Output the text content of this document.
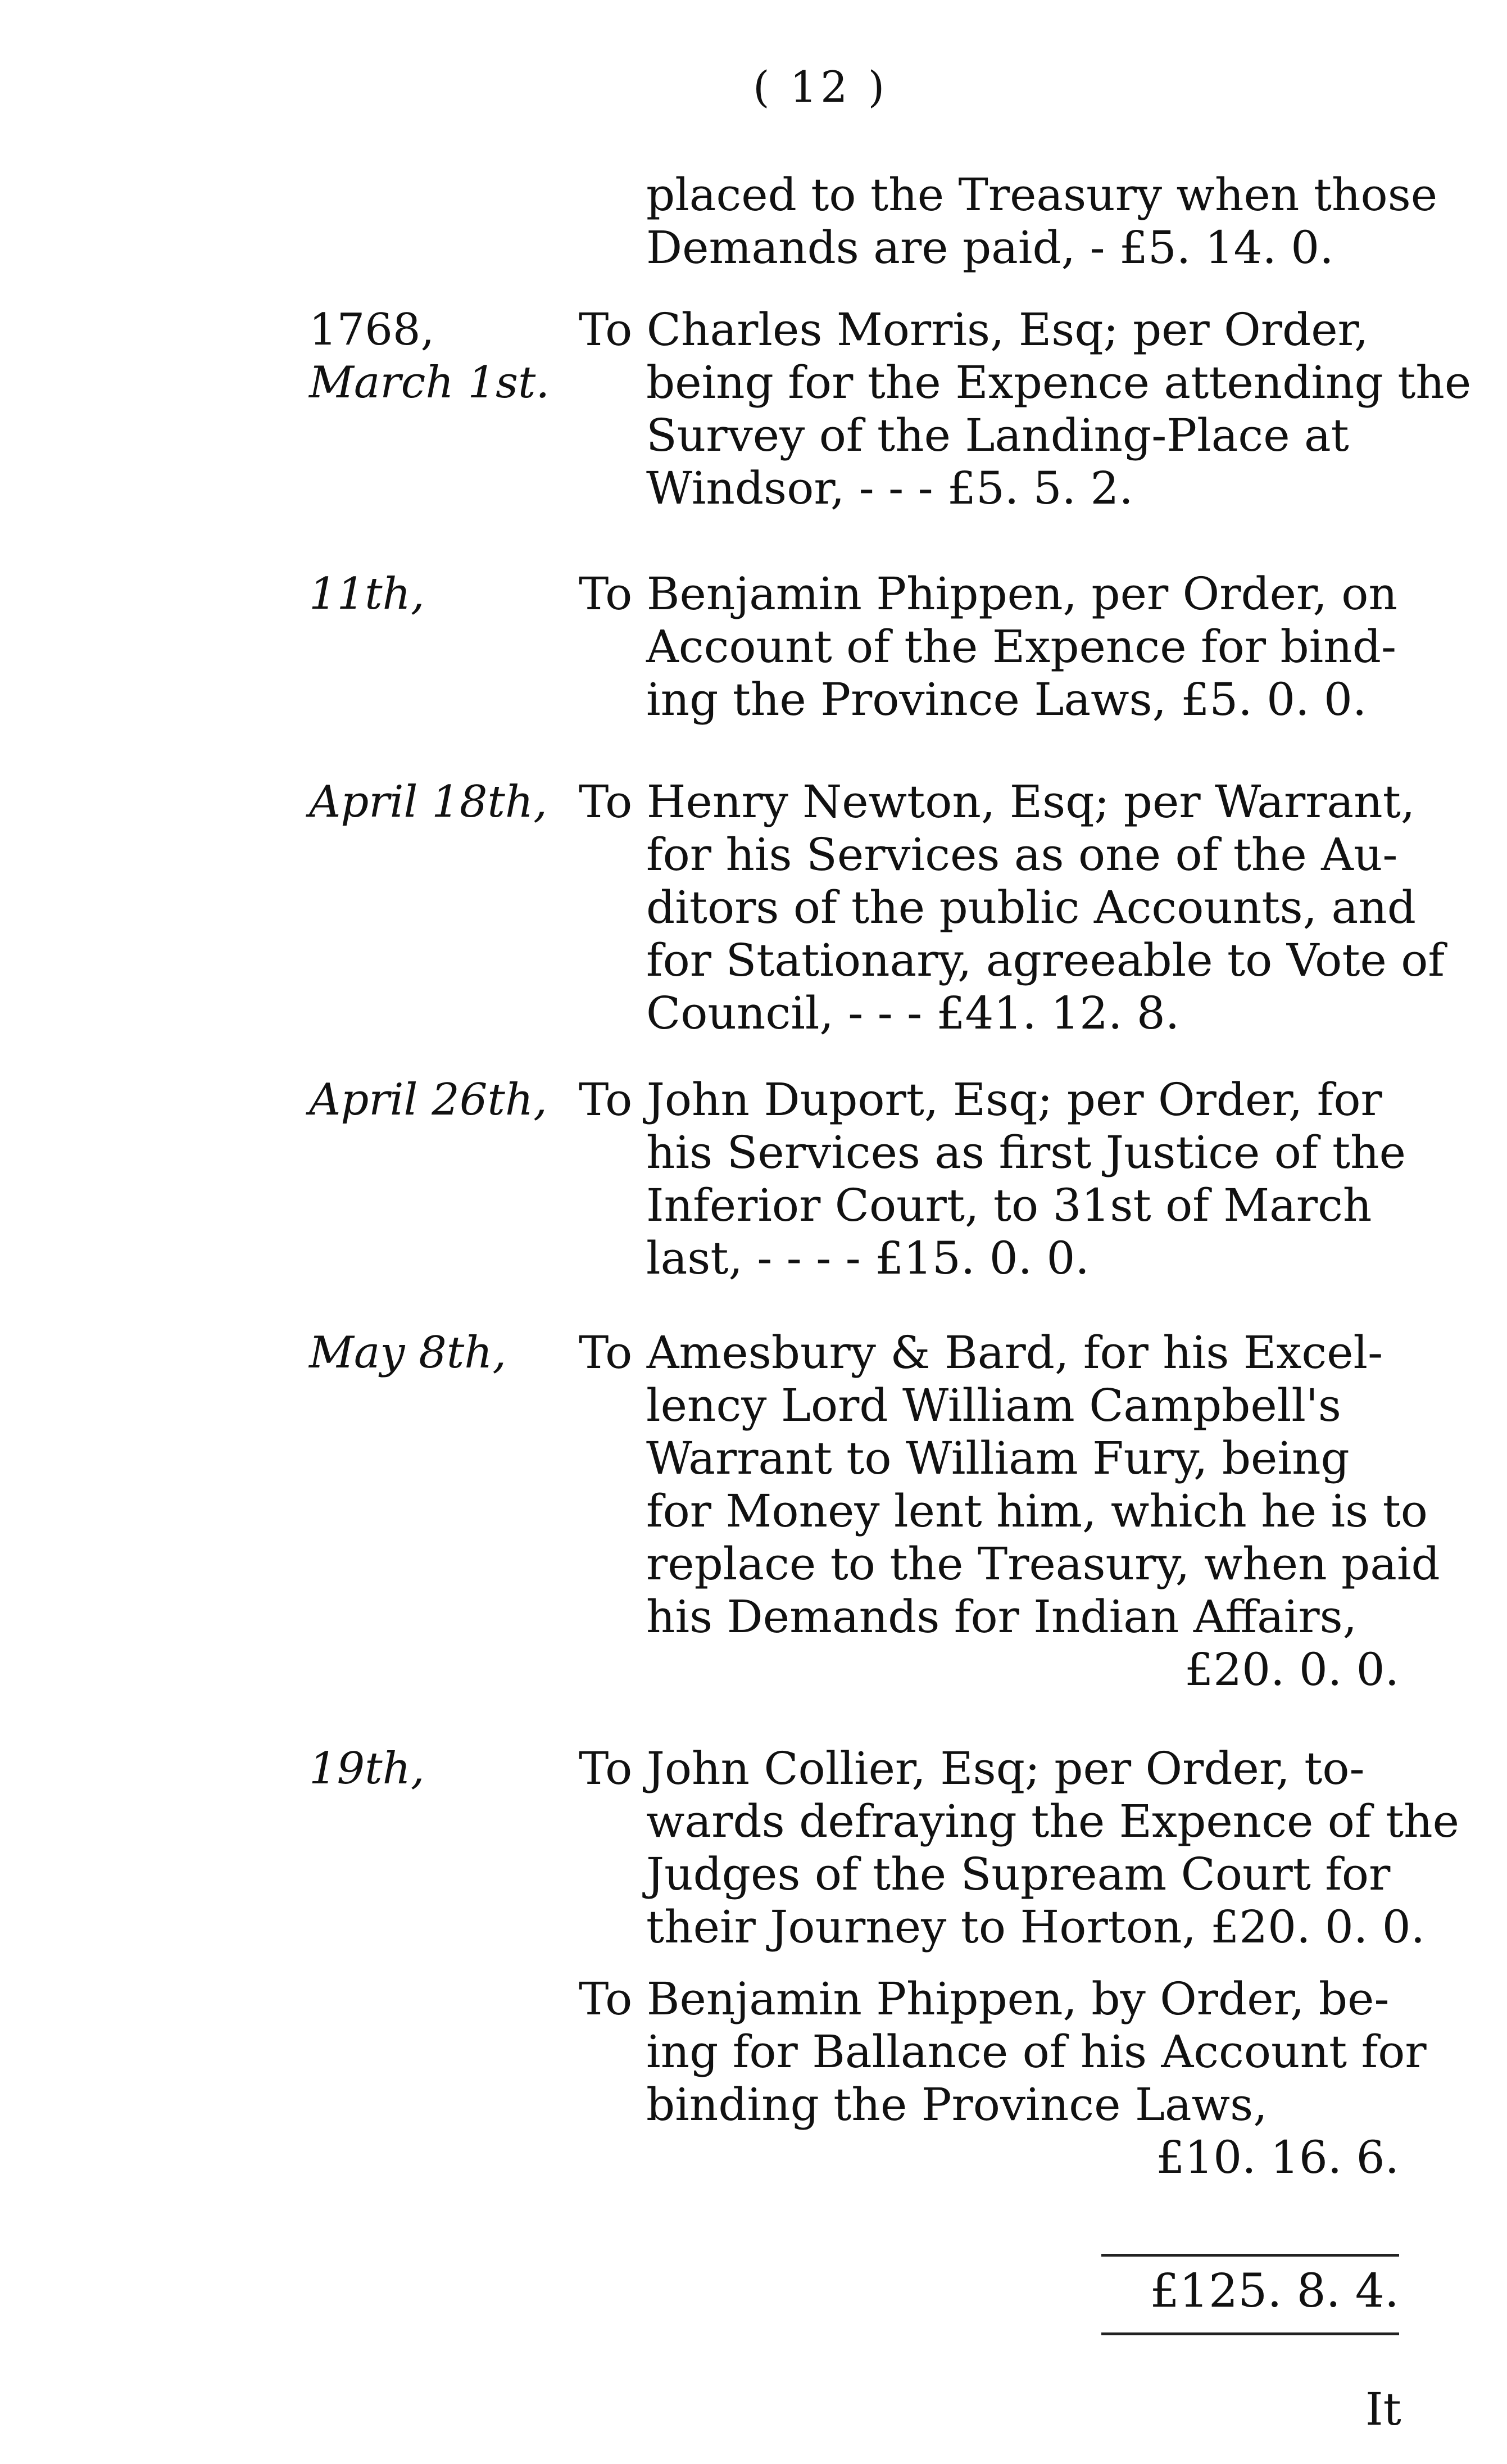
( 12 )
placed to the Treasury when those
Demands are paid, - £5. 14. 0.
1768,
March 1st.
To Charles Morris, Esq; per Order,
being for the Expence attending the
Survey of the Landing-Place at
Windsor, - - - £5. 5. 2.
11th,	To Benjamin Phippen, per Order, on
Account of the Expence for bind-
ing the Province Laws, £5. 0. 0.
April 18th, To Henry Newton, Esq; per Warrant,
for his Services as one of the Au-
ditors of the public Accounts, and
for Stationary, agreeable to Vote of
Council, - - - £41. 12. 8.
April 26th, To John Duport, Esq; per Order, for
his Services as first Justice of the
Inferior Court, to 31st of March
last, - - - - £15. 0. 0.
May 8th, To Amesbury & Bard, for his Excel-
lency Lord William Campbell's
Warrant to William Fury, being
for Money lent him, which he is to
replace to the Treasury, when paid
his Demands for Indian Affairs,
£20. 0. 0.
19th,	To John Collier, Esq; per Order, to-
wards defraying the Expence of the
Judges of the Supream Court for
their Journey to Horton, £20. 0. 0.
To Benjamin Phippen, by Order, be-
ing for Ballance of his Account for
binding the Province Laws,
£10. 16. 6.
£125. 8. 4.
It
